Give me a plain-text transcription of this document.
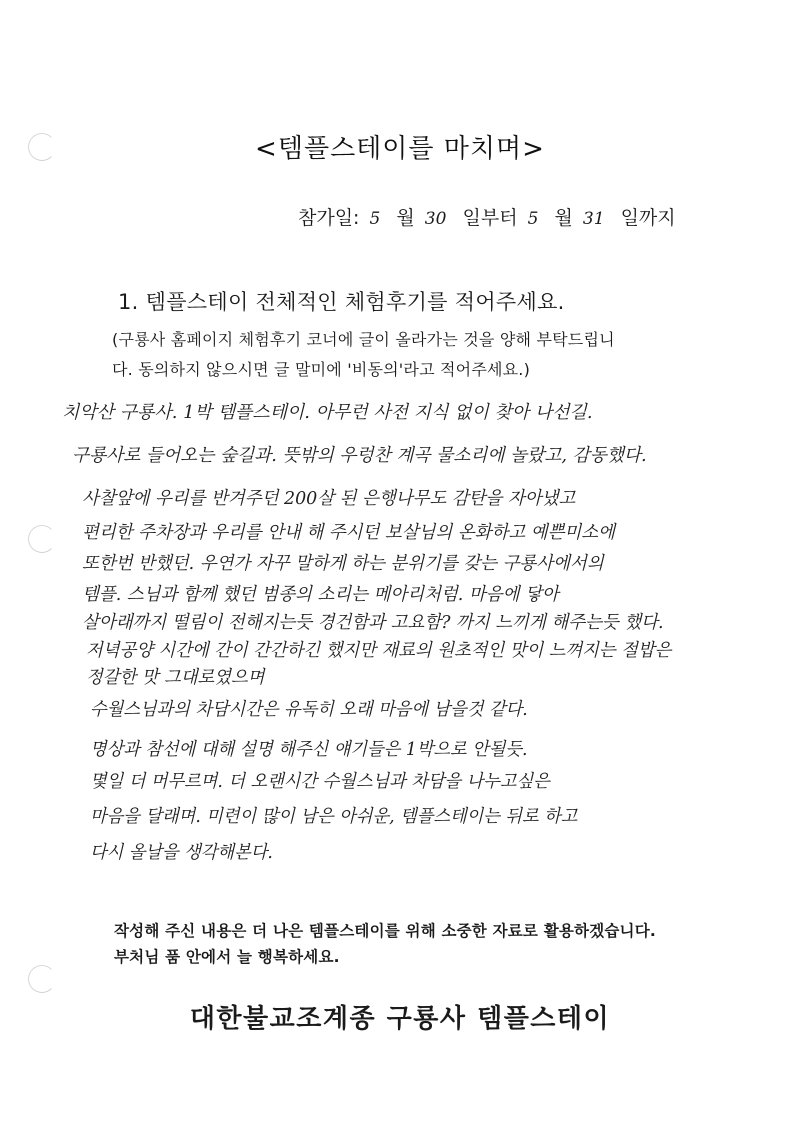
<템플스테이를 마치며>
참가일: 5 월 30 일부터 5 월 31 일까지
1. 템플스테이 전체적인 체험후기를 적어주세요.
(구룡사 홈페이지 체험후기 코너에 글이 올라가는 것을 양해 부탁드립니
다. 동의하지 않으시면 글 말미에 '비동의'라고 적어주세요.)
치악산 구룡사. 1박 템플스테이. 아무런 사전 지식 없이 찾아 나선길.
구룡사로 들어오는 숲길과. 뜻밖의 우렁찬 계곡 물소리에 놀랐고, 감동했다.
사찰앞에 우리를 반겨주던 200살 된 은행나무도 감탄을 자아냈고
편리한 주차장과 우리를 안내 해 주시던 보살님의 온화하고 예쁜미소에
또한번 반했던. 우연가 자꾸 말하게 하는 분위기를 갖는 구룡사에서의
템플. 스님과 함께 했던 범종의 소리는 메아리처럼. 마음에 닿아
살아래까지 떨림이 전해지는듯 경건함과 고요함? 까지 느끼게 해주는듯 했다.
저녁공양 시간에 간이 간간하긴 했지만 재료의 원초적인 맛이 느껴지는 절밥은
정갈한 맛 그대로였으며
수월스님과의 차담시간은 유독히 오래 마음에 남을것 같다.
명상과 참선에 대해 설명 해주신 얘기들은 1박으로 안될듯.
몇일 더 머무르며. 더 오랜시간 수월스님과 차담을 나누고싶은
마음을 달래며. 미련이 많이 남은 아쉬운, 템플스테이는 뒤로 하고
다시 올날을 생각해본다.
작성해 주신 내용은 더 나은 템플스테이를 위해 소중한 자료로 활용하겠습니다.
부처님 품 안에서 늘 행복하세요.
대한불교조계종 구룡사 템플스테이
